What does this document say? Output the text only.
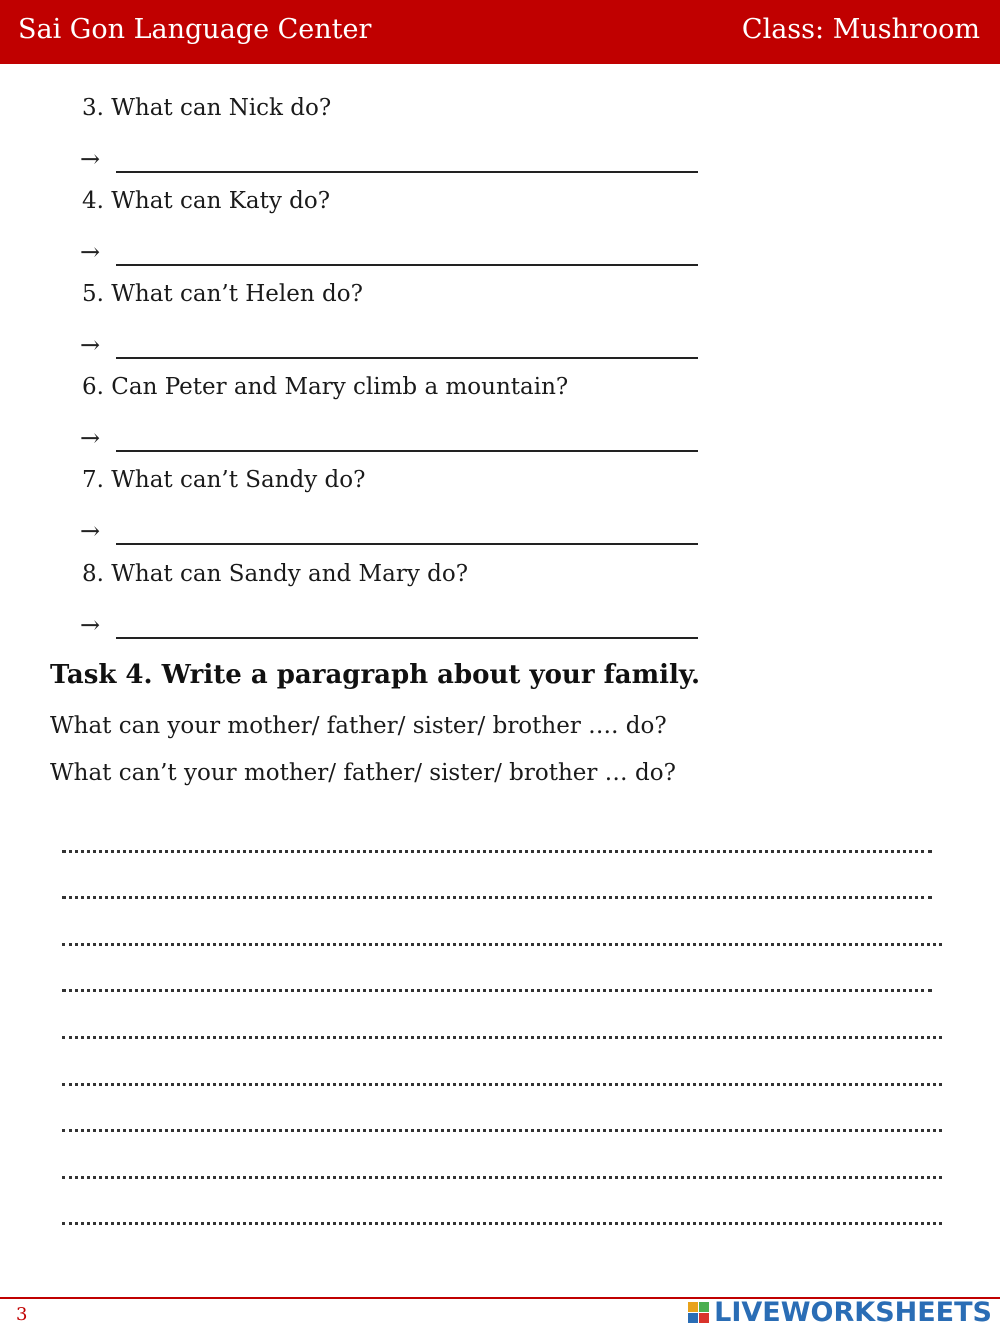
Sai Gon Language Center	Class: Mushroom
3. What can Nick do?
→
4. What can Katy do?
→
5. What can’t Helen do?
→
6. Can Peter and Mary climb a mountain?
→
7. What can’t Sandy do?
→
8. What can Sandy and Mary do?
→
Task 4. Write a paragraph about your family.
What can your mother/ father/ sister/ brother …. do?
What can’t your mother/ father/ sister/ brother … do?
3	LIVEWORKSHEETS
